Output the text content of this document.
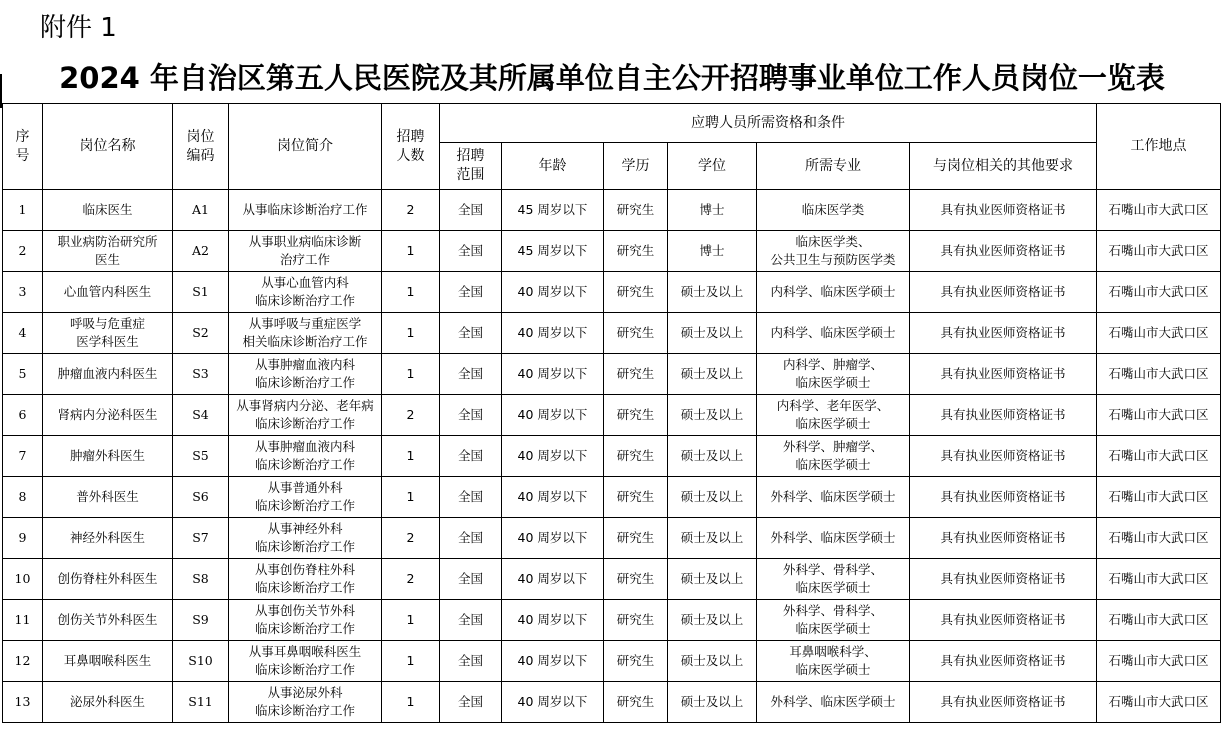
附件 1
2024 年自治区第五人民医院及其所属单位自主公开招聘事业单位工作人员岗位一览表
序
号	岗位名称	岗位
编码	岗位简介	招聘
人数	应聘人员所需资格和条件						工作地点
					招聘
范围	年龄	学历	学位	所需专业	与岗位相关的其他要求	
1	临床医生	A1	从事临床诊断治疗工作	2	全国	45 周岁以下	研究生	博士	临床医学类	具有执业医师资格证书	石嘴山市大武口区
2	职业病防治研究所
医生	A2	从事职业病临床诊断
治疗工作	1	全国	45 周岁以下	研究生	博士	临床医学类、
公共卫生与预防医学类	具有执业医师资格证书	石嘴山市大武口区
3	心血管内科医生	S1	从事心血管内科
临床诊断治疗工作	1	全国	40 周岁以下	研究生	硕士及以上	内科学、临床医学硕士	具有执业医师资格证书	石嘴山市大武口区
4	呼吸与危重症
医学科医生	S2	从事呼吸与重症医学
相关临床诊断治疗工作	1	全国	40 周岁以下	研究生	硕士及以上	内科学、临床医学硕士	具有执业医师资格证书	石嘴山市大武口区
5	肿瘤血液内科医生	S3	从事肿瘤血液内科
临床诊断治疗工作	1	全国	40 周岁以下	研究生	硕士及以上	内科学、肿瘤学、
临床医学硕士	具有执业医师资格证书	石嘴山市大武口区
6	肾病内分泌科医生	S4	从事肾病内分泌、老年病
临床诊断治疗工作	2	全国	40 周岁以下	研究生	硕士及以上	内科学、老年医学、
临床医学硕士	具有执业医师资格证书	石嘴山市大武口区
7	肿瘤外科医生	S5	从事肿瘤血液内科
临床诊断治疗工作	1	全国	40 周岁以下	研究生	硕士及以上	外科学、肿瘤学、
临床医学硕士	具有执业医师资格证书	石嘴山市大武口区
8	普外科医生	S6	从事普通外科
临床诊断治疗工作	1	全国	40 周岁以下	研究生	硕士及以上	外科学、临床医学硕士	具有执业医师资格证书	石嘴山市大武口区
9	神经外科医生	S7	从事神经外科
临床诊断治疗工作	2	全国	40 周岁以下	研究生	硕士及以上	外科学、临床医学硕士	具有执业医师资格证书	石嘴山市大武口区
10	创伤脊柱外科医生	S8	从事创伤脊柱外科
临床诊断治疗工作	2	全国	40 周岁以下	研究生	硕士及以上	外科学、骨科学、
临床医学硕士	具有执业医师资格证书	石嘴山市大武口区
11	创伤关节外科医生	S9	从事创伤关节外科
临床诊断治疗工作	1	全国	40 周岁以下	研究生	硕士及以上	外科学、骨科学、
临床医学硕士	具有执业医师资格证书	石嘴山市大武口区
12	耳鼻咽喉科医生	S10	从事耳鼻咽喉科医生
临床诊断治疗工作	1	全国	40 周岁以下	研究生	硕士及以上	耳鼻咽喉科学、
临床医学硕士	具有执业医师资格证书	石嘴山市大武口区
13	泌尿外科医生	S11	从事泌尿外科
临床诊断治疗工作	1	全国	40 周岁以下	研究生	硕士及以上	外科学、临床医学硕士	具有执业医师资格证书	石嘴山市大武口区
